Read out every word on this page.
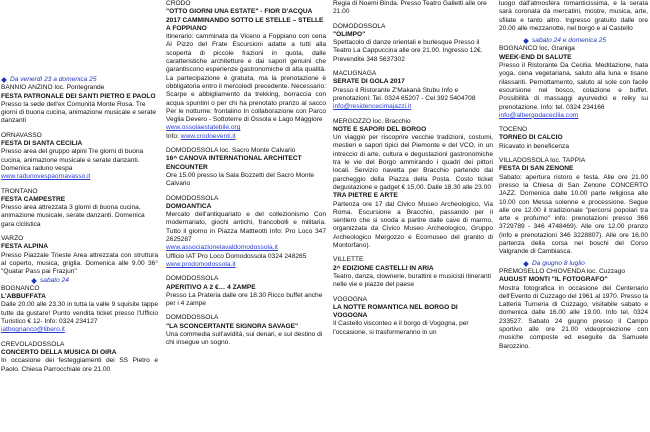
Da venerdì 23 a domenica 25
BANNIO ANZINO loc. Pontegrande
FESTA PATRONALE DEI SANTI PIETRO E PAOLO
Presso la sede dell'ex Comunità Monte Rosa. Tre giorni di buona cucina, animazione musicale e serate danzanti
ORNAVASSO
FESTA DI SANTA CECILIA
Presso area del gruppo alpini Tre giorni di buona cucina, animazione musicale e serate danzanti. Domenica raduno vespa
www.radunovespaornavasso.it
TRONTANO
FESTA CAMPESTRE
Presso area attrezzata 3 giorni di buona cucina, animazione musicale, serate danzanti. Domenica gara ciclistica
VARZO
FESTA ALPINA
Presso Piazzale Trieste Area attrezzata con struttura al coperto, musica, griglia. Domenica alle 9.00 36° "Quatar Pass pai Frazjun"
sabato 24
BOGNANCO
L'ABBUFFATA
Dalle 20.00 alle 23.30 in tutta la valle 9 squisite tappe tutte da gustare! Punto vendita ticket presso l'Ufficio Turistico € 12- Info: 0324 234127
iatbognanco@libero.it
CREVOLADOSSOLA
CONCERTO DELLA MUSICA DI OIRA
In occasione dei festeggiamenti dei SS Pietro e Paolo. Chiesa Parrocchiale ore 21.00
CRODO
"OTTO GIORNI UNA ESTATE" - FIOR D'ACQUA 2017 CAMMINANDO SOTTO LE STELLE – STELLE A FOPPIANO
Itinerario: camminata da Viceno a Foppiano con cena Al Pizzo del Frate Escursioni adatte a tutti alla scoperta di piccole frazioni in quota, dalle caratteristiche architetture e dai sapori genuini che garantiscono esperienze gastronomiche di alta qualità. La partecipazione è gratuita, ma la prenotazione è obbligatoria entro il mercoledì precedente. Necessario: Scarpe e abbigliamento da trekking, borraccia con acqua spuntini o per chi ha prenotato pranzo al sacco Per le notturne: frontalino In collaborazione con Parco Veglia Devero - Sottoterre di Ossola e Lago Maggiore
www.ossolaestatebile.org
Info: www.crodoeventi.it
DOMODOSSOLA loc. Sacro Monte Calvario
16^ CANOVA INTERNATIONAL ARCHITECT ENCOUNTER
Ore 15.00 presso la Sala Bozzetti del Sacro Monte Calvario
DOMODOSSOLA
DOMOANTICA
Mercato dell'antiquariato e del collezionismo Con modernariato, giochi antichi, francobolli e militaria. Tutto il giorno in Piazza Mattteotti Info: Pro Loco 347 2625287
www.associazionelavaldomodossola.it
Ufficio IAT Pro Loco Domodossola 0324 248265
www.prodomodossola.it
DOMODOSSOLA
APERITIVO A 2 €… 4 ZAMPE
Presso La Prateria dalle ore 18.30 Ricco buffet anche per i 4 zampe
DOMODOSSOLA
"LA SCONCERTANTE SIGNORA SAVAGE"
Una commedia sull'avidità, sui denari, e sul destino di chi insegue un sogno.
Regia di Noemi Binda. Presso Teatro Galletti alle ore 21.00
DOMODOSSOLA
"OLIMPO"
Spettacolo di danze orientali e burlesque Presso il Teatro La Cappuccina alle ore 21.00. Ingresso 12€. Prevendite 348 5637302
MACUGNAGA
SERATE DI GOLA 2017
Presso il Ristorante Z'Makanà Stubu Info e prenotazioni: Tel. 0324 65207 - Cel 392 5404708
info@residencecimajazzi.it
MERGOZZO loc. Bracchio
NOTE E SAPORI DEL BORGO
Un viaggio per riscoprire vecchie tradizioni, costumi, mestieri e sapori tipici del Piemonte e del VCO, in un intreccio di arte, cultura e degustazioni gastronomiche tra le vie del Borgo ammirando i quadri dei pittori locali. Servizio navetta per Bracchio partendo dal parcheggio della Piazza della Posta. Costo ticket degustazione e gadget € 15,00. Dalle 18.30 alle 23.00
TRA PIETRE E ARTE
Partenza ore 17 dal Civico Museo Archeologico, Via Roma. Escursione a Bracchio, passando per il sentiero che si snoda a partire dalle cave di marmo, organizzata da Civico Museo Archeologico, Gruppo Archeologico Mergozzo e Ecomuseo del granito di Montorfano).
VILLETTE
2^ EDIZIONE CASTELLI IN ARIA
Teatro, danza, clownerie, burattini e musicisti itineranti nelle vie e piazze del paese
VOGOGNA
LA NOTTE ROMANTICA NEL BORGO DI VOGOGNA
Il Castello visconteo e il borgo di Vogogna, per l'occasione, si trasformeranno in un
luogo dall'atmosfera romanticissima, e la serata sarà coronata da mercatini, mostre, musica, arte, sfilate e tanto altro. Ingresso gratuito dalle ore 20.00 alle mezzanotte, nel borgo e al Castello
sabato 24 e domenica 25
BOGNANCO loc. Graniga
WEEK-END DI SALUTE
Presso il Ristorante Da Cecilia. Meditazione, hata yoga, cena vegetariana, saluto alla luna e tisane rilassanti. Pernottamento, saluto al sole con facile escursione nel bosco, colazione e buffet. Possibilità di massaggi ayurvedici e reiky su prenotazione. Info: tel. 0324 234166
info@albergodacecilia.com
TOCENO
TORNEO DI CALCIO
Ricavato in beneficenza
VILLADOSSOLA loc. TAPPIA
FESTA DI SAN ZENONE
Sabato: apertura ristoro e festa. Alle ore 21.00 presso la Chiesa di San Zenone CONCERTO JAZZ. Domenica dalle 10.00 parte religiosa alle 10.00 con Messa solenne e processione. Segue alle ore 12.00 il tradizionale "percorsi popolari tra arte e profumo" info: prenotazioni presso 366 3729789 - 346 4748469). Alle ore 12.00 pranzo (info e prenotazioni 346 3228807). Alle ore 16.00 partenza della corsa nei boschi del Corso Valgrande di Cambiasca.
Da giugno 8 luglio
PREMOSELLO CHIOVENDA loc. Cuzzago
AUGUST MONTI "IL FOTOGRAFO"
Mostra fotografica in occasione del Centenario dell'Evento di Cuzzago del 1961 al 1970. Presso la Latteria Turneria di Cuzzago, visitabile sabato e domenica dalle 16.00 alle 19.00. Info tel. 0324 233527. Sabato 24 giugno presso il Campo sportivo alle ore 21.00 videoproiezione con musiche composte ed eseguite da Samuele Barozzino.
